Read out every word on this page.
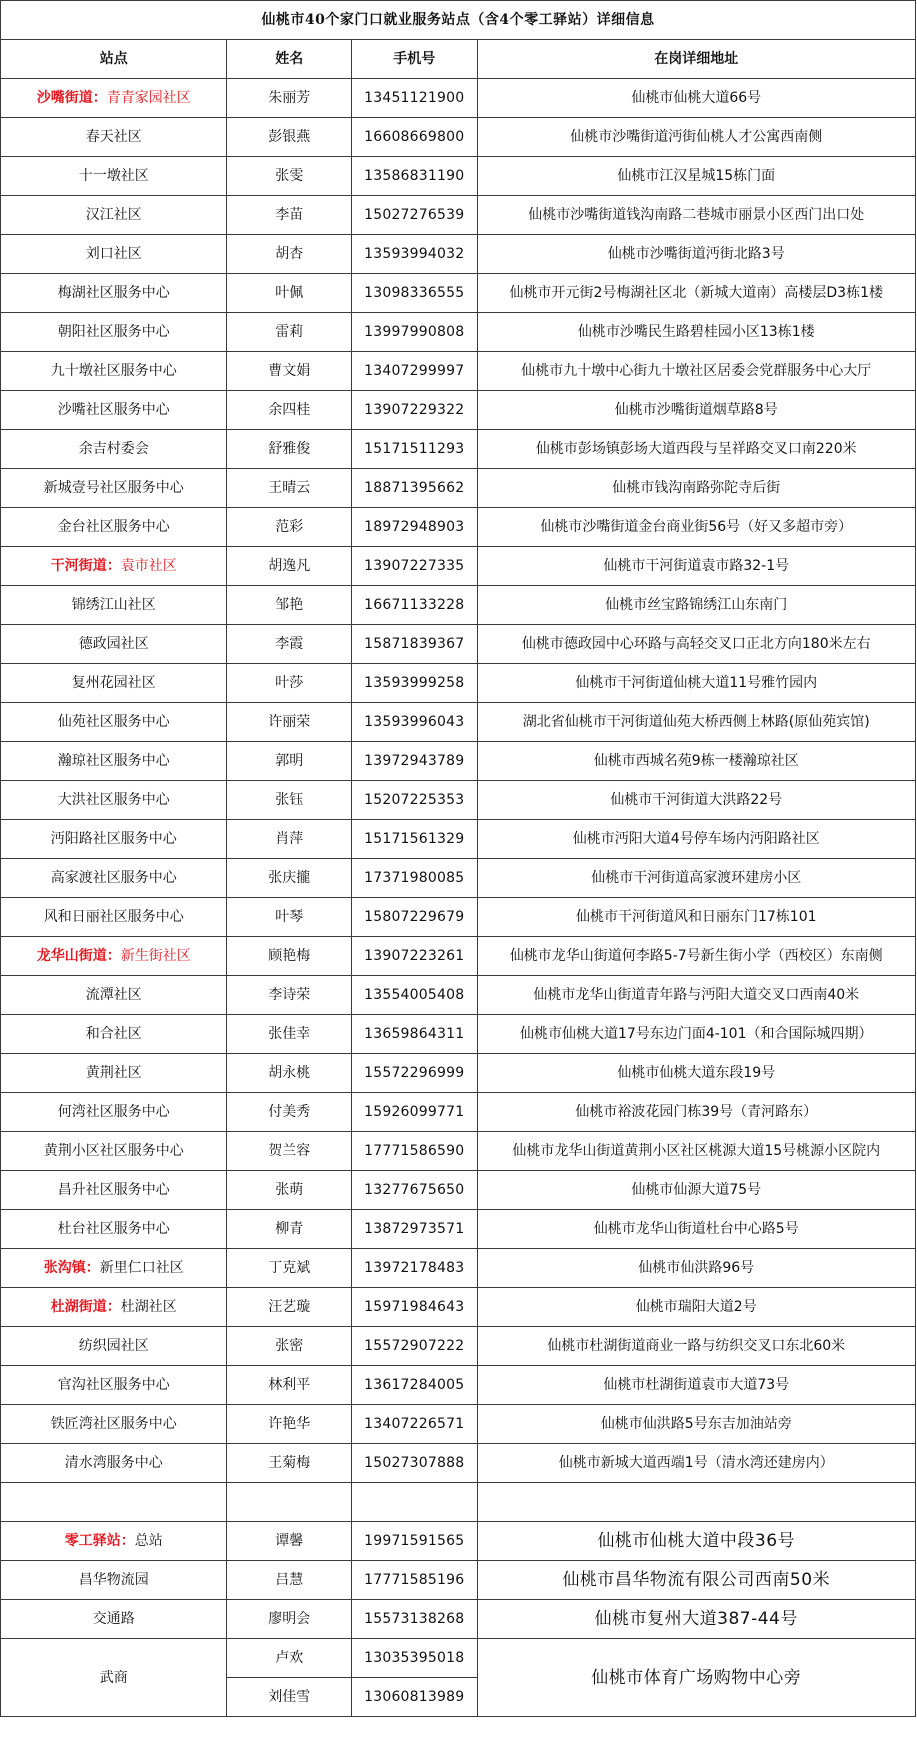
仙桃市40个家门口就业服务站点（含4个零工驿站）详细信息			
站点	姓名	手机号	在岗详细地址
沙嘴街道：青青家园社区	朱丽芳	13451121900	仙桃市仙桃大道66号
春天社区	彭银燕	16608669800	仙桃市沙嘴街道沔街仙桃人才公寓西南侧
十一墩社区	张雯	13586831190	仙桃市江汉星城15栋门面
汉江社区	李苗	15027276539	仙桃市沙嘴街道钱沟南路二巷城市丽景小区西门出口处
刘口社区	胡杏	13593994032	仙桃市沙嘴街道沔街北路3号
梅湖社区服务中心	叶佩	13098336555	仙桃市开元街2号梅湖社区北（新城大道南）高楼层D3栋1楼
朝阳社区服务中心	雷莉	13997990808	仙桃市沙嘴民生路碧桂园小区13栋1楼
九十墩社区服务中心	曹文娟	13407299997	仙桃市九十墩中心街九十墩社区居委会党群服务中心大厅
沙嘴社区服务中心	余四桂	13907229322	仙桃市沙嘴街道烟草路8号
余吉村委会	舒雅俊	15171511293	仙桃市彭场镇彭场大道西段与呈祥路交叉口南220米
新城壹号社区服务中心	王晴云	18871395662	仙桃市钱沟南路弥陀寺后街
金台社区服务中心	范彩	18972948903	仙桃市沙嘴街道金台商业街56号（好又多超市旁）
干河街道：袁市社区	胡逸凡	13907227335	仙桃市干河街道袁市路32-1号
锦绣江山社区	邹艳	16671133228	仙桃市丝宝路锦绣江山东南门
德政园社区	李霞	15871839367	仙桃市德政园中心环路与高轻交叉口正北方向180米左右
复州花园社区	叶莎	13593999258	仙桃市干河街道仙桃大道11号雅竹园内
仙苑社区服务中心	许丽荣	13593996043	湖北省仙桃市干河街道仙苑大桥西侧上林路(原仙苑宾馆)
瀚琼社区服务中心	郭明	13972943789	仙桃市西城名苑9栋一楼瀚琼社区
大洪社区服务中心	张钰	15207225353	仙桃市干河街道大洪路22号
沔阳路社区服务中心	肖萍	15171561329	仙桃市沔阳大道4号停车场内沔阳路社区
高家渡社区服务中心	张庆攏	17371980085	仙桃市干河街道高家渡环建房小区
风和日丽社区服务中心	叶琴	15807229679	仙桃市干河街道风和日丽东门17栋101
龙华山街道：新生街社区	顾艳梅	13907223261	仙桃市龙华山街道何李路5-7号新生街小学（西校区）东南侧
流潭社区	李诗荣	13554005408	仙桃市龙华山街道青年路与沔阳大道交叉口西南40米
和合社区	张佳幸	13659864311	仙桃市仙桃大道17号东边门面4-101（和合国际城四期）
黄荆社区	胡永桃	15572296999	仙桃市仙桃大道东段19号
何湾社区服务中心	付美秀	15926099771	仙桃市裕波花园门栋39号（青河路东）
黄荆小区社区服务中心	贺兰容	17771586590	仙桃市龙华山街道黄荆小区社区桃源大道15号桃源小区院内
昌升社区服务中心	张萌	13277675650	仙桃市仙源大道75号
杜台社区服务中心	柳青	13872973571	仙桃市龙华山街道杜台中心路5号
张沟镇：新里仁口社区	丁克斌	13972178483	仙桃市仙洪路96号
杜湖街道：杜湖社区	汪艺璇	15971984643	仙桃市瑞阳大道2号
纺织园社区	张密	15572907222	仙桃市杜湖街道商业一路与纺织交叉口东北60米
官沟社区服务中心	林利平	13617284005	仙桃市杜湖街道袁市大道73号
铁匠湾社区服务中心	许艳华	13407226571	仙桃市仙洪路5号东吉加油站旁
清水湾服务中心	王菊梅	15027307888	仙桃市新城大道西端1号（清水湾还建房内）

零工驿站：总站	谭馨	19971591565	仙桃市仙桃大道中段36号
昌华物流园	吕慧	17771585196	仙桃市昌华物流有限公司西南50米
交通路	廖明会	15573138268	仙桃市复州大道387-44号
武商	卢欢	13035395018	仙桃市体育广场购物中心旁
	刘佳雪	13060813989	
